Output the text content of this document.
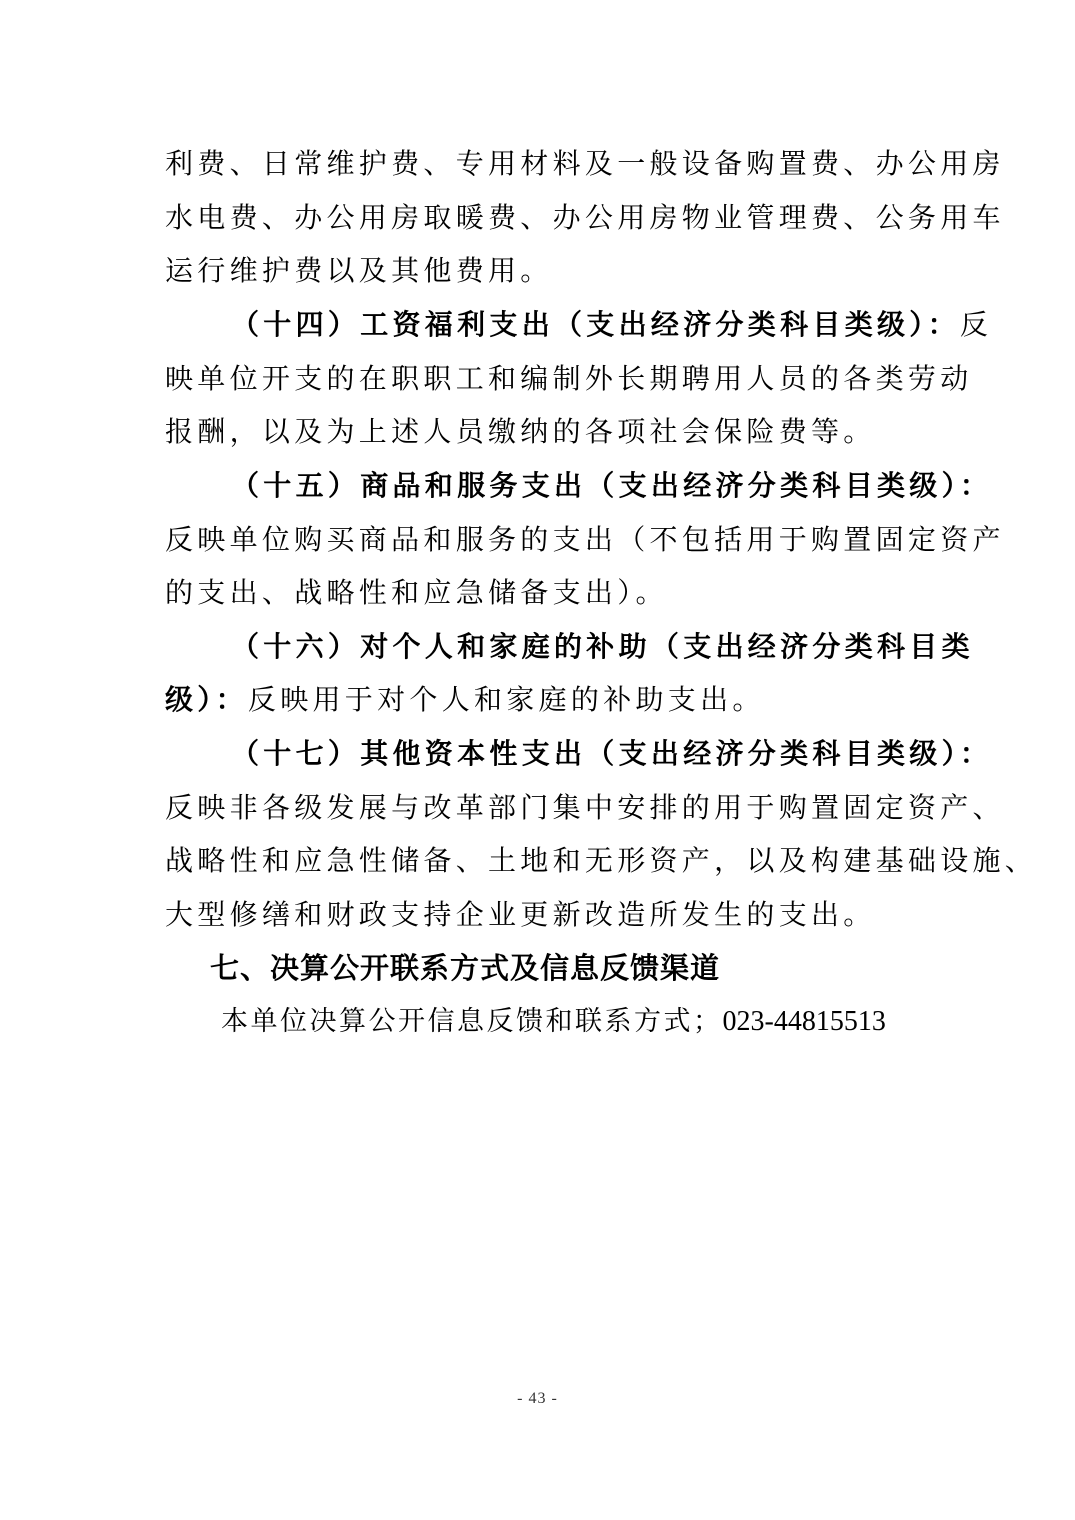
利费、日常维护费、专用材料及一般设备购置费、办公用房
水电费、办公用房取暖费、办公用房物业管理费、公务用车
运行维护费以及其他费用。
（十四）工资福利支出（支出经济分类科目类级）：反
映单位开支的在职职工和编制外长期聘用人员的各类劳动
报酬，以及为上述人员缴纳的各项社会保险费等。
（十五）商品和服务支出（支出经济分类科目类级）：
反映单位购买商品和服务的支出（不包括用于购置固定资产
的支出、战略性和应急储备支出）。
（十六）对个人和家庭的补助（支出经济分类科目类
级）：反映用于对个人和家庭的补助支出。
（十七）其他资本性支出（支出经济分类科目类级）：
反映非各级发展与改革部门集中安排的用于购置固定资产、
战略性和应急性储备、土地和无形资产，以及构建基础设施、
大型修缮和财政支持企业更新改造所发生的支出。
七、决算公开联系方式及信息反馈渠道
本单位决算公开信息反馈和联系方式；023-44815513
- 43 -
